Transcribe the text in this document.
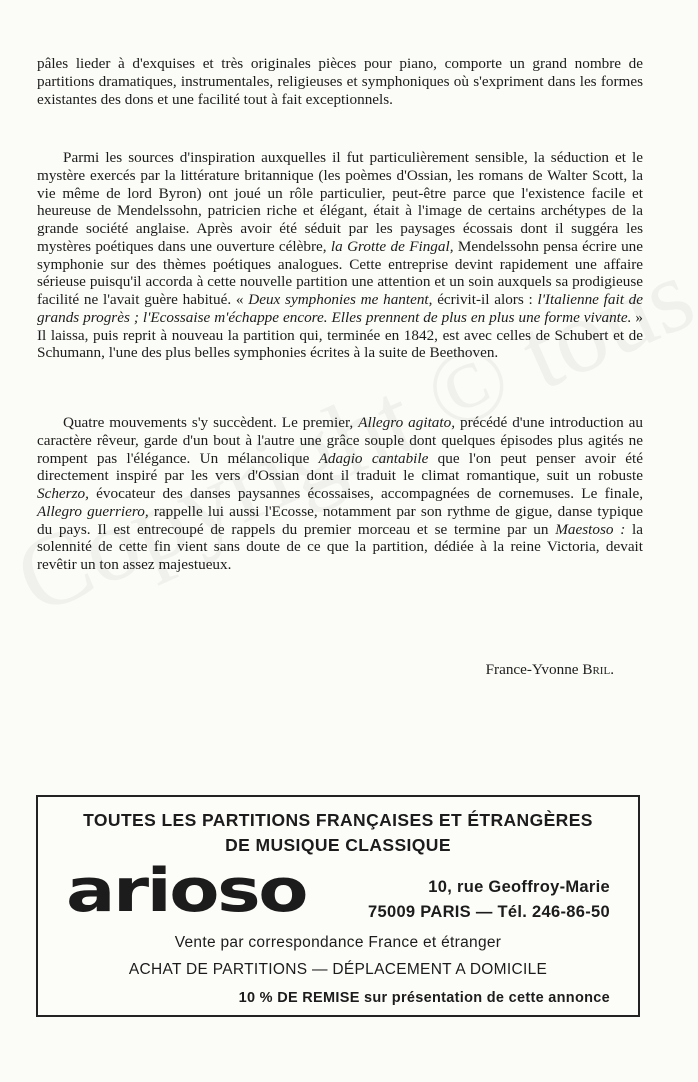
pâles lieder à d'exquises et très originales pièces pour piano, comporte un grand nombre de partitions dramatiques, instrumentales, religieuses et symphoniques où s'expriment dans les formes existantes des dons et une facilité tout à fait exceptionnels.

Parmi les sources d'inspiration auxquelles il fut particulièrement sensible, la séduction et le mystère exercés par la littérature britannique (les poèmes d'Ossian, les romans de Walter Scott, la vie même de lord Byron) ont joué un rôle particulier, peut-être parce que l'existence facile et heureuse de Mendelssohn, patricien riche et élégant, était à l'image de certains archétypes de la grande société anglaise. Après avoir été séduit par les paysages écossais dont il suggéra les mystères poétiques dans une ouverture célèbre, la Grotte de Fingal, Mendelssohn pensa écrire une symphonie sur des thèmes poétiques analogues. Cette entreprise devint rapidement une affaire sérieuse puisqu'il accorda à cette nouvelle partition une attention et un soin auxquels sa prodigieuse facilité ne l'avait guère habitué. « Deux symphonies me hantent, écrivit-il alors : l'Italienne fait de grands progrès ; l'Ecossaise m'échappe encore. Elles prennent de plus en plus une forme vivante. » Il laissa, puis reprit à nouveau la partition qui, terminée en 1842, est avec celles de Schubert et de Schumann, l'une des plus belles symphonies écrites à la suite de Beethoven.

Quatre mouvements s'y succèdent. Le premier, Allegro agitato, précédé d'une introduction au caractère rêveur, garde d'un bout à l'autre une grâce souple dont quelques épisodes plus agités ne rompent pas l'élégance. Un mélancolique Adagio cantabile que l'on peut penser avoir été directement inspiré par les vers d'Ossian dont il traduit le climat romantique, suit un robuste Scherzo, évocateur des danses paysannes écossaises, accompagnées de cornemuses. Le finale, Allegro guerriero, rappelle lui aussi l'Ecosse, notamment par son rythme de gigue, danse typique du pays. Il est entrecoupé de rappels du premier morceau et se termine par un Maestoso : la solennité de cette fin vient sans doute de ce que la partition, dédiée à la reine Victoria, devait revêtir un ton assez majestueux.

France-Yvonne Bril.
TOUTES LES PARTITIONS FRANÇAISES ET ÉTRANGÈRES
DE MUSIQUE CLASSIQUE
arioso	10, rue Geoffroy-Marie
75009 PARIS — Tél. 246-86-50
Vente par correspondance France et étranger
ACHAT DE PARTITIONS — DÉPLACEMENT A DOMICILE
10 % DE REMISE sur présentation de cette annonce
